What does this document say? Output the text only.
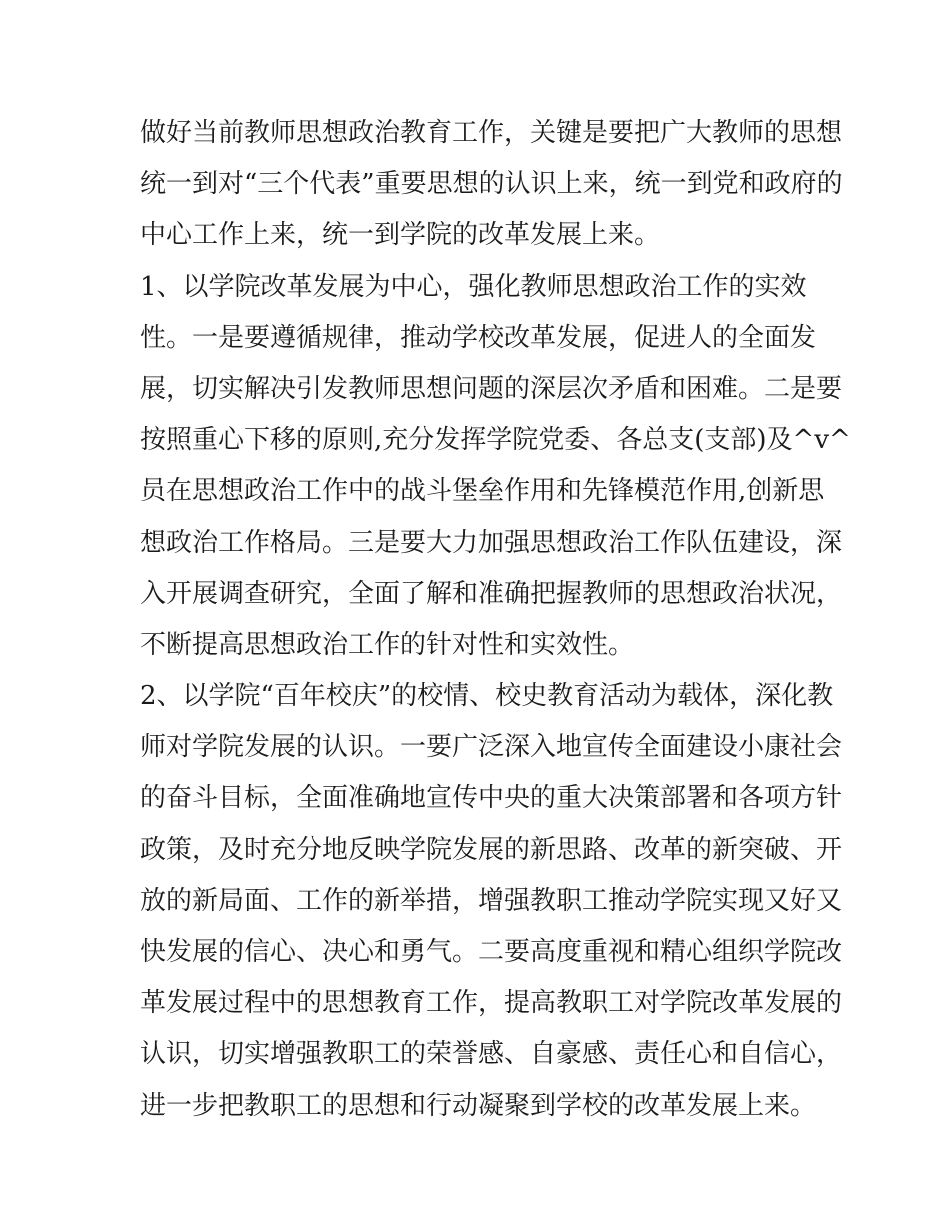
做好当前教师思想政治教育工作，关键是要把广大教师的思想
统一到对“三个代表”重要思想的认识上来，统一到党和政府的
中心工作上来，统一到学院的改革发展上来。
1、以学院改革发展为中心，强化教师思想政治工作的实效
性。一是要遵循规律，推动学校改革发展，促进人的全面发
展，切实解决引发教师思想问题的深层次矛盾和困难。二是要
按照重心下移的原则,充分发挥学院党委、各总支(支部)及^v^
员在思想政治工作中的战斗堡垒作用和先锋模范作用,创新思
想政治工作格局。三是要大力加强思想政治工作队伍建设，深
入开展调查研究，全面了解和准确把握教师的思想政治状况，
不断提高思想政治工作的针对性和实效性。
2、以学院“百年校庆”的校情、校史教育活动为载体，深化教
师对学院发展的认识。一要广泛深入地宣传全面建设小康社会
的奋斗目标，全面准确地宣传中央的重大决策部署和各项方针
政策，及时充分地反映学院发展的新思路、改革的新突破、开
放的新局面、工作的新举措，增强教职工推动学院实现又好又
快发展的信心、决心和勇气。二要高度重视和精心组织学院改
革发展过程中的思想教育工作，提高教职工对学院改革发展的
认识，切实增强教职工的荣誉感、自豪感、责任心和自信心，
进一步把教职工的思想和行动凝聚到学校的改革发展上来。
